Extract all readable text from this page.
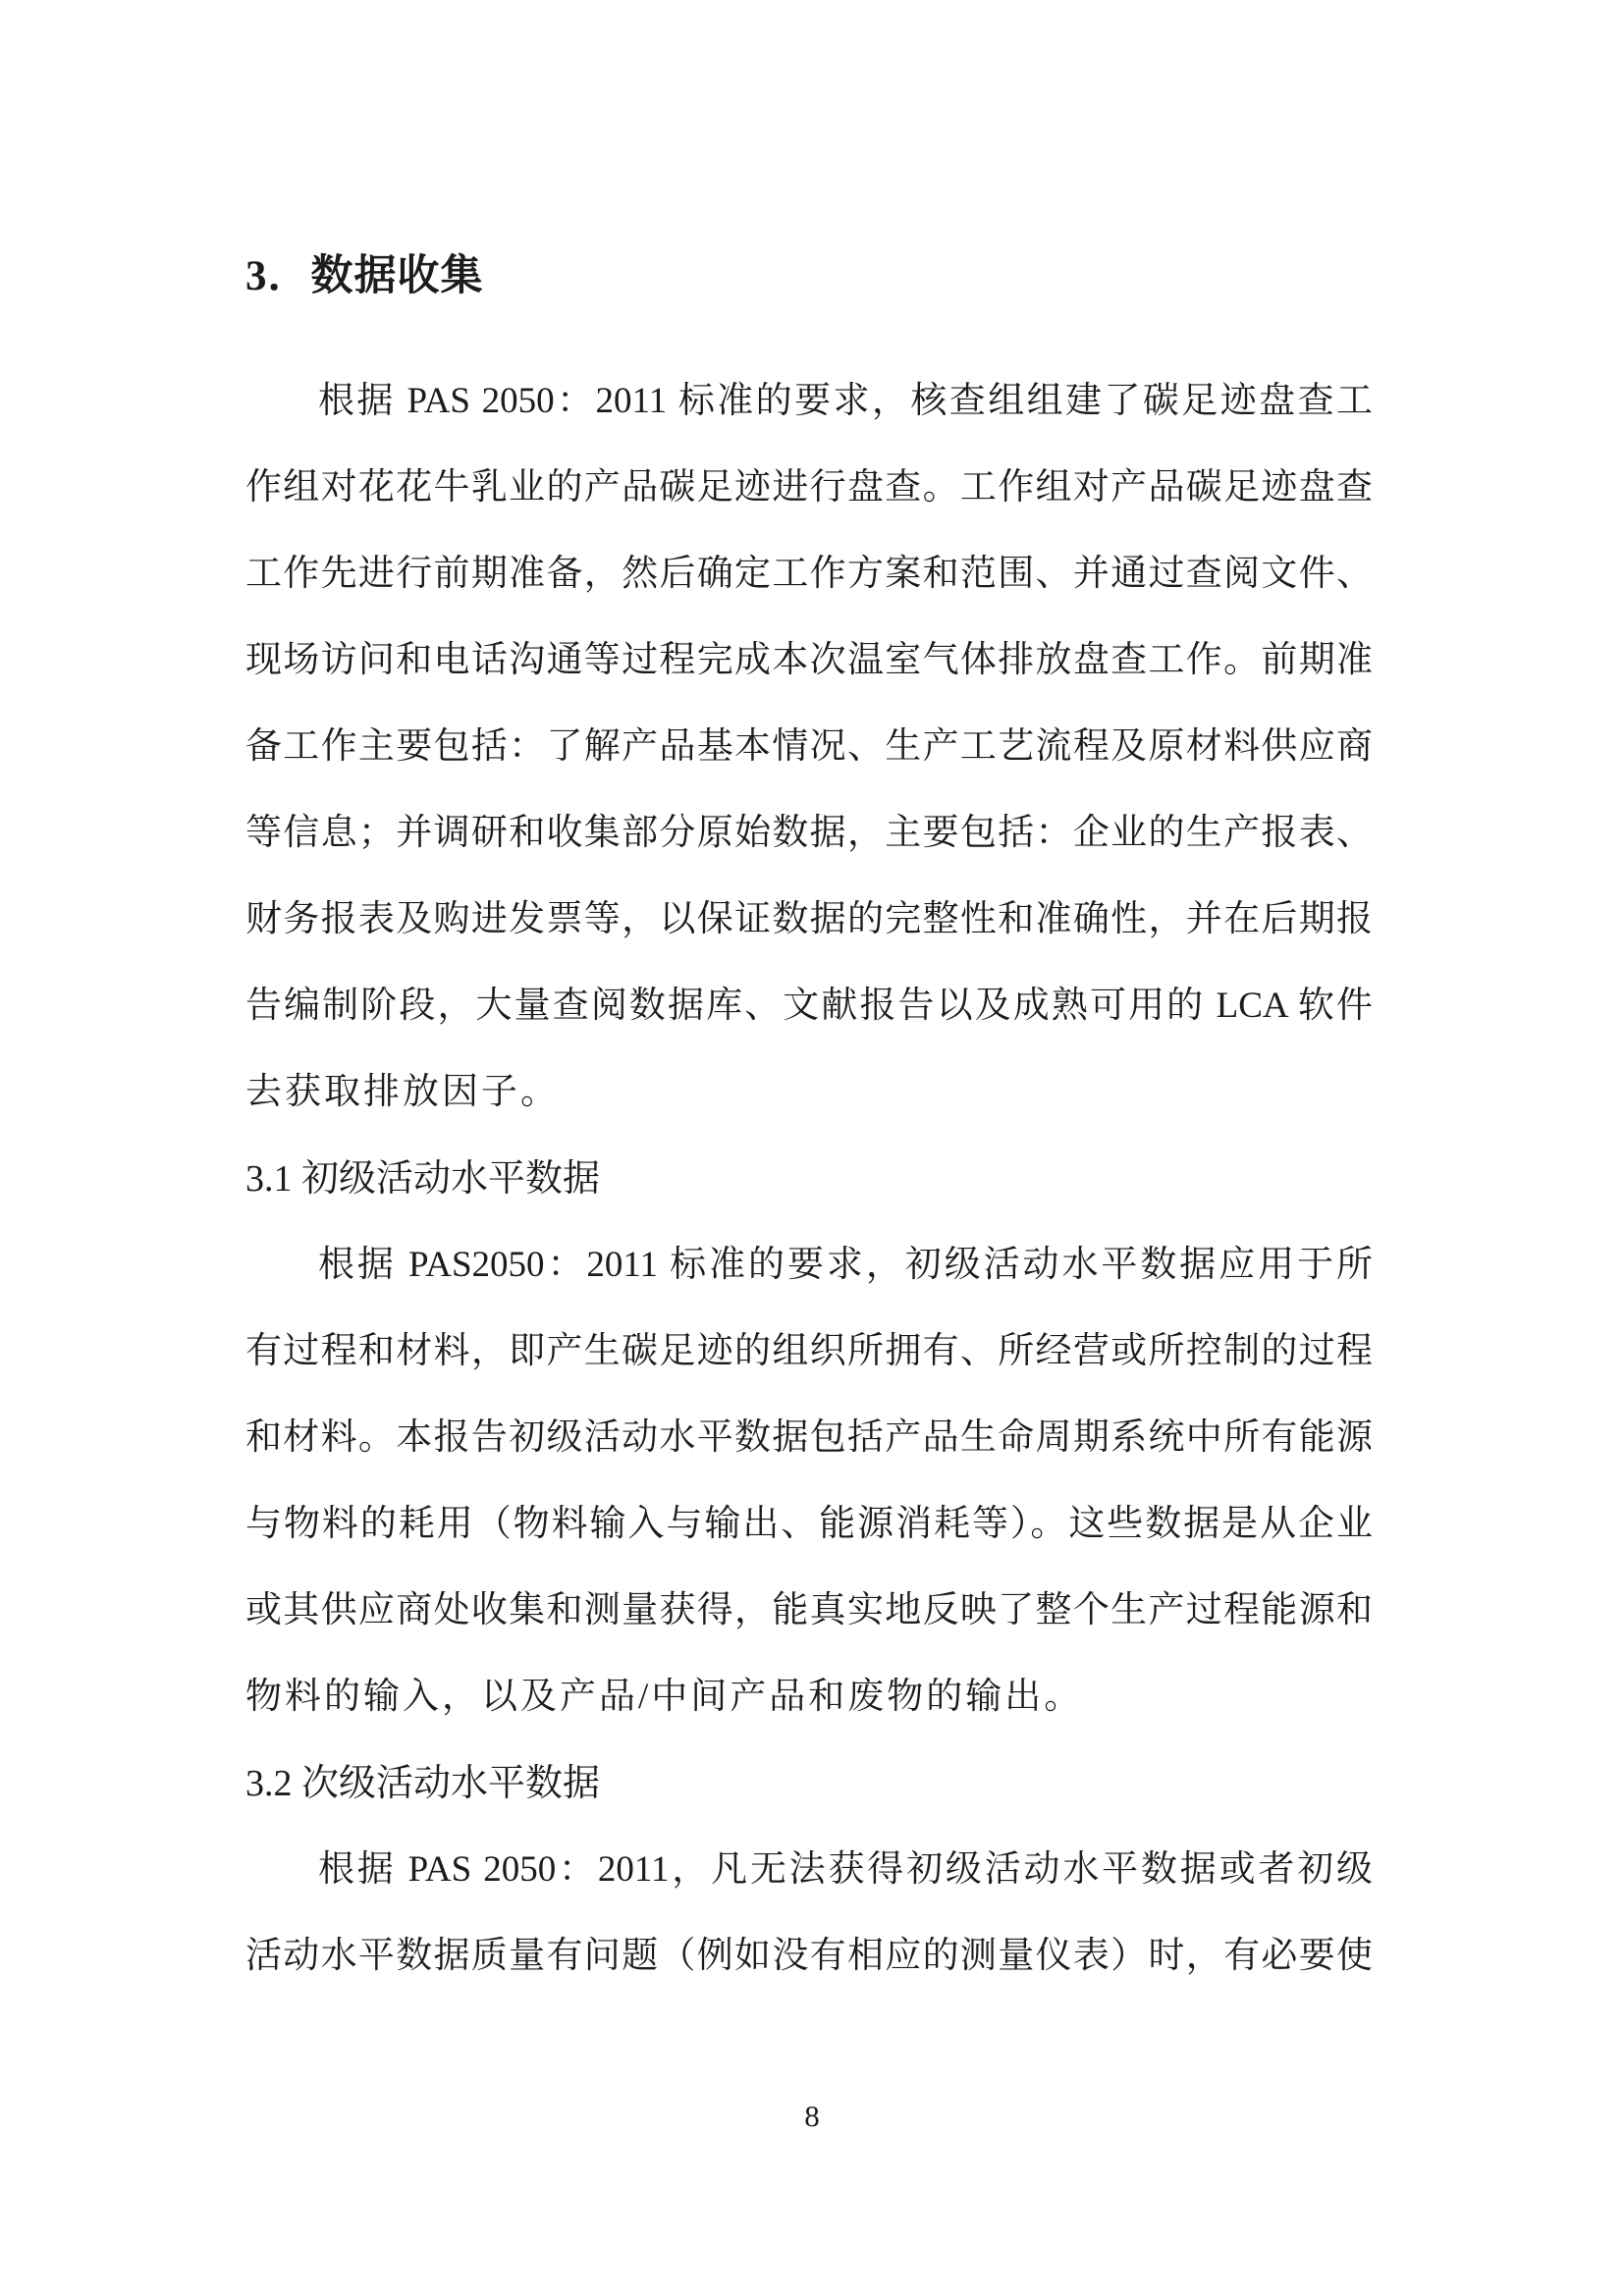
3．数据收集
根据 PAS 2050：2011 标准的要求，核查组组建了碳足迹盘查工
作组对花花牛乳业的产品碳足迹进行盘查。工作组对产品碳足迹盘查
工作先进行前期准备，然后确定工作方案和范围、并通过查阅文件、
现场访问和电话沟通等过程完成本次温室气体排放盘查工作。前期准
备工作主要包括：了解产品基本情况、生产工艺流程及原材料供应商
等信息；并调研和收集部分原始数据，主要包括：企业的生产报表、
财务报表及购进发票等，以保证数据的完整性和准确性，并在后期报
告编制阶段，大量查阅数据库、文献报告以及成熟可用的 LCA 软件
去获取排放因子。
3.1 初级活动水平数据
根据 PAS2050：2011 标准的要求，初级活动水平数据应用于所
有过程和材料，即产生碳足迹的组织所拥有、所经营或所控制的过程
和材料。本报告初级活动水平数据包括产品生命周期系统中所有能源
与物料的耗用（物料输入与输出、能源消耗等）。这些数据是从企业
或其供应商处收集和测量获得，能真实地反映了整个生产过程能源和
物料的输入，以及产品/中间产品和废物的输出。
3.2 次级活动水平数据
根据 PAS 2050：2011，凡无法获得初级活动水平数据或者初级
活动水平数据质量有问题（例如没有相应的测量仪表）时，有必要使
8
